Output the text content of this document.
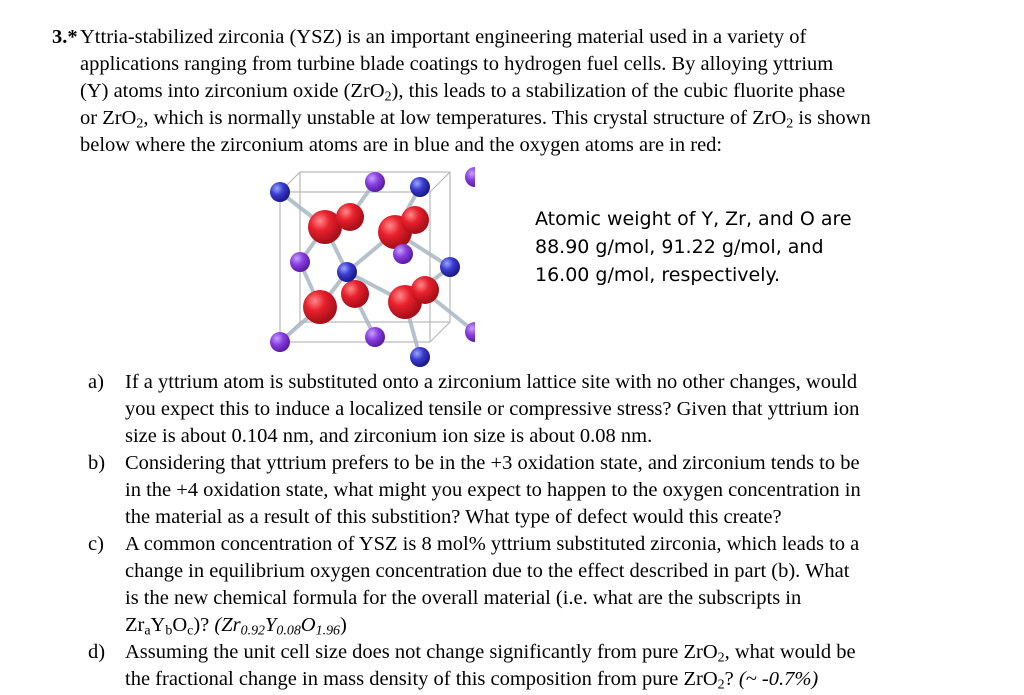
3.* Yttria-stabilized zirconia (YSZ) is an important engineering material used in a variety of
applications ranging from turbine blade coatings to hydrogen fuel cells. By alloying yttrium
(Y) atoms into zirconium oxide (ZrO$_2$), this leads to a stabilization of the cubic fluorite phase
or ZrO$_2$, which is normally unstable at low temperatures. This crystal structure of ZrO$_2$ is shown
below where the zirconium atoms are in blue and the oxygen atoms are in red:
Atomic weight of Y, Zr, and O are
88.90 g/mol, 91.22 g/mol, and
16.00 g/mol, respectively.
a) If a yttrium atom is substituted onto a zirconium lattice site with no other changes, would
you expect this to induce a localized tensile or compressive stress? Given that yttrium ion
size is about 0.104 nm, and zirconium ion size is about 0.08 nm.
b) Considering that yttrium prefers to be in the +3 oxidation state, and zirconium tends to be
in the +4 oxidation state, what might you expect to happen to the oxygen concentration in
the material as a result of this substition? What type of defect would this create?
c) A common concentration of YSZ is 8 mol% yttrium substituted zirconia, which leads to a
change in equilibrium oxygen concentration due to the effect described in part (b). What
is the new chemical formula for the overall material (i.e. what are the subscripts in
$Zr_aY_bO_c$)? $(Zr_{0.92}Y_{0.08}O_{1.96})$
d) Assuming the unit cell size does not change significantly from pure ZrO$_2$, what would be
the fractional change in mass density of this composition from pure ZrO$_2$? (~ -0.7%)
